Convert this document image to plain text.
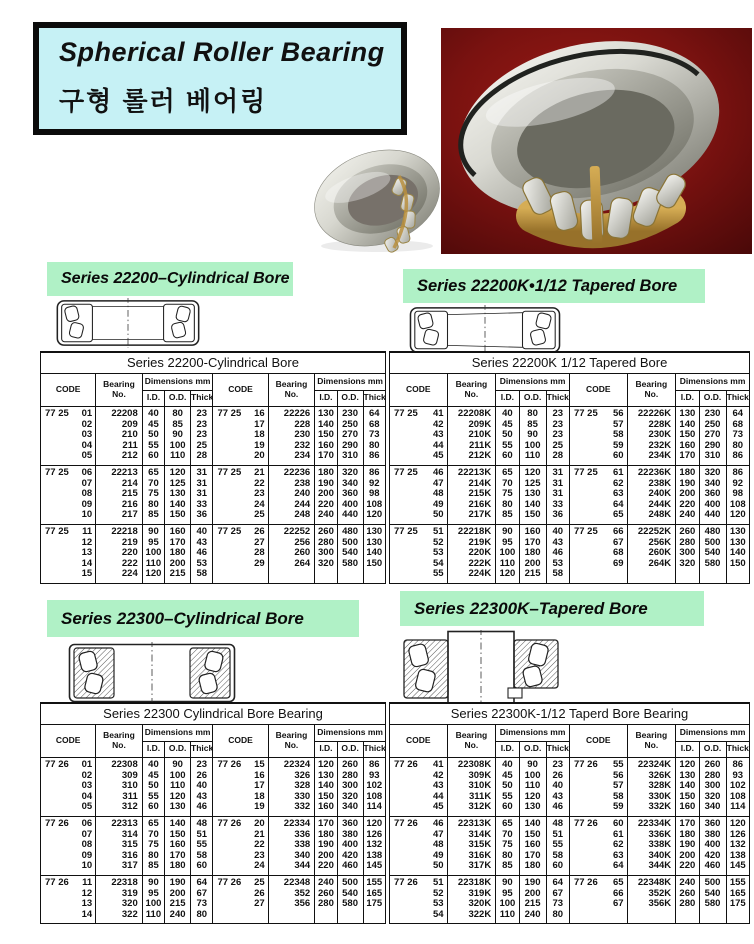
Spherical Roller Bearing
구형 롤러 베어링
Series 22200–Cylindrical Bore	Series 22200K•1/12 Tapered Bore
Series 22300–Cylindrical Bore
Series 22300K–Tapered Bore
Series 22200-Cylindrical Bore									
CODE	Bearing No.	Dimensions mm			CODE	Bearing No.	Dimensions mm		
		I.D.	O.D.	Thick			I.D.	O.D.	Thick

77 25 01	22208	40	80	23	77 25 16	22226	130	230	64
02	209	45	85	23	17	228	140	250	68
03	210	50	90	23	18	230	150	270	73
04	211	55	100	25	19	232	160	290	80
05	212	60	110	28	20	234	170	310	86

77 25 06	22213	65	120	31	77 25 21	22236	180	320	86
07	214	70	125	31	22	238	190	340	92
08	215	75	130	31	23	240	200	360	98
09	216	80	140	33	24	244	220	400	108
10	217	85	150	36	25	248	240	440	120

77 25 11	22218	90	160	40	77 25 26	22252	260	480	130
12	219	95	170	43	27	256	280	500	130
13	220	100	180	46	28	260	300	540	140
14	222	110	200	53	29	264	320	580	150
15	224	120	215	58					
Series 22200K 1/12 Tapered Bore									
CODE	Bearing No.	Dimensions mm			CODE	Bearing No.	Dimensions mm		
		I.D.	O.D.	Thick			I.D.	O.D.	Thick

77 25 41	22208K	40	80	23	77 25 56	22226K	130	230	64
42	209K	45	85	23	57	228K	140	250	68
43	210K	50	90	23	58	230K	150	270	73
44	211K	55	100	25	59	232K	160	290	80
45	212K	60	110	28	60	234K	170	310	86

77 25 46	22213K	65	120	31	77 25 61	22236K	180	320	86
47	214K	70	125	31	62	238K	190	340	92
48	215K	75	130	31	63	240K	200	360	98
49	216K	80	140	33	64	244K	220	400	108
50	217K	85	150	36	65	248K	240	440	120

77 25 51	22218K	90	160	40	77 25 66	22252K	260	480	130
52	219K	95	170	43	67	256K	280	500	130
53	220K	100	180	46	68	260K	300	540	140
54	222K	110	200	53	69	264K	320	580	150
55	224K	120	215	58					
Series 22300 Cylindrical Bore Bearing									
CODE	Bearing No.	Dimensions mm			CODE	Bearing No.	Dimensions mm		
		I.D.	O.D.	Thick			I.D.	O.D.	Thick

77 26 01	22308	40	90	23	77 26 15	22324	120	260	86
02	309	45	100	26	16	326	130	280	93
03	310	50	110	40	17	328	140	300	102
04	311	55	120	43	18	330	150	320	108
05	312	60	130	46	19	332	160	340	114

77 26 06	22313	65	140	48	77 26 20	22334	170	360	120
07	314	70	150	51	21	336	180	380	126
08	315	75	160	55	22	338	190	400	132
09	316	80	170	58	23	340	200	420	138
10	317	85	180	60	24	344	220	460	145

77 26 11	22318	90	190	64	77 26 25	22348	240	500	155
12	319	95	200	67	26	352	260	540	165
13	320	100	215	73	27	356	280	580	175
14	322	110	240	80					
Series 22300K-1/12 Taperd Bore Bearing									
CODE	Bearing No.	Dimensions mm			CODE	Bearing No.	Dimensions mm		
		I.D.	O.D.	Thick			I.D.	O.D.	Thick

77 26 41	22308K	40	90	23	77 26 55	22324K	120	260	86
42	309K	45	100	26	56	326K	130	280	93
43	310K	50	110	40	57	328K	140	300	102
44	311K	55	120	43	58	330K	150	320	108
45	312K	60	130	46	59	332K	160	340	114

77 26 46	22313K	65	140	48	77 26 60	22334K	170	360	120
47	314K	70	150	51	61	336K	180	380	126
48	315K	75	160	55	62	338K	190	400	132
49	316K	80	170	58	63	340K	200	420	138
50	317K	85	180	60	64	344K	220	460	145

77 26 51	22318K	90	190	64	77 26 65	22348K	240	500	155
52	319K	95	200	67	66	352K	260	540	165
53	320K	100	215	73	67	356K	280	580	175
54	322K	110	240	80					
